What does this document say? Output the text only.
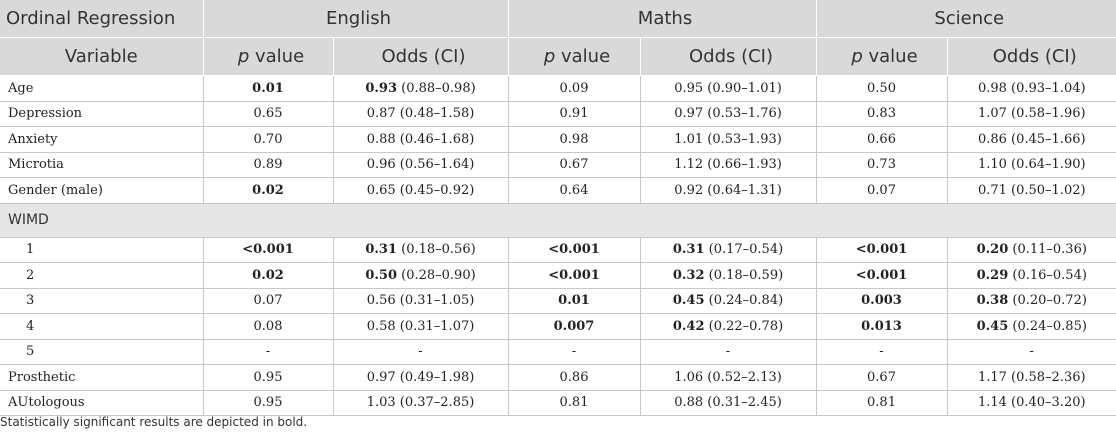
Ordinal Regression	English		Maths		Science	
Variable	p value	Odds (CI)	p value	Odds (CI)	p value	Odds (CI)
Age	0.01	0.93 (0.88–0.98)	0.09	0.95 (0.90–1.01)	0.50	0.98 (0.93–1.04)
Depression	0.65	0.87 (0.48–1.58)	0.91	0.97 (0.53–1.76)	0.83	1.07 (0.58–1.96)
Anxiety	0.70	0.88 (0.46–1.68)	0.98	1.01 (0.53–1.93)	0.66	0.86 (0.45–1.66)
Microtia	0.89	0.96 (0.56–1.64)	0.67	1.12 (0.66–1.93)	0.73	1.10 (0.64–1.90)
Gender (male)	0.02	0.65 (0.45–0.92)	0.64	0.92 (0.64–1.31)	0.07	0.71 (0.50–1.02)
WIMD						
1	<0.001	0.31 (0.18–0.56)	<0.001	0.31 (0.17–0.54)	<0.001	0.20 (0.11–0.36)
2	0.02	0.50 (0.28–0.90)	<0.001	0.32 (0.18–0.59)	<0.001	0.29 (0.16–0.54)
3	0.07	0.56 (0.31–1.05)	0.01	0.45 (0.24–0.84)	0.003	0.38 (0.20–0.72)
4	0.08	0.58 (0.31–1.07)	0.007	0.42 (0.22–0.78)	0.013	0.45 (0.24–0.85)
5	-	-	-	-	-	-
Prosthetic	0.95	0.97 (0.49–1.98)	0.86	1.06 (0.52–2.13)	0.67	1.17 (0.58–2.36)
AUtologous	0.95	1.03 (0.37–2.85)	0.81	0.88 (0.31–2.45)	0.81	1.14 (0.40–3.20)
Statistically significant results are depicted in bold.
